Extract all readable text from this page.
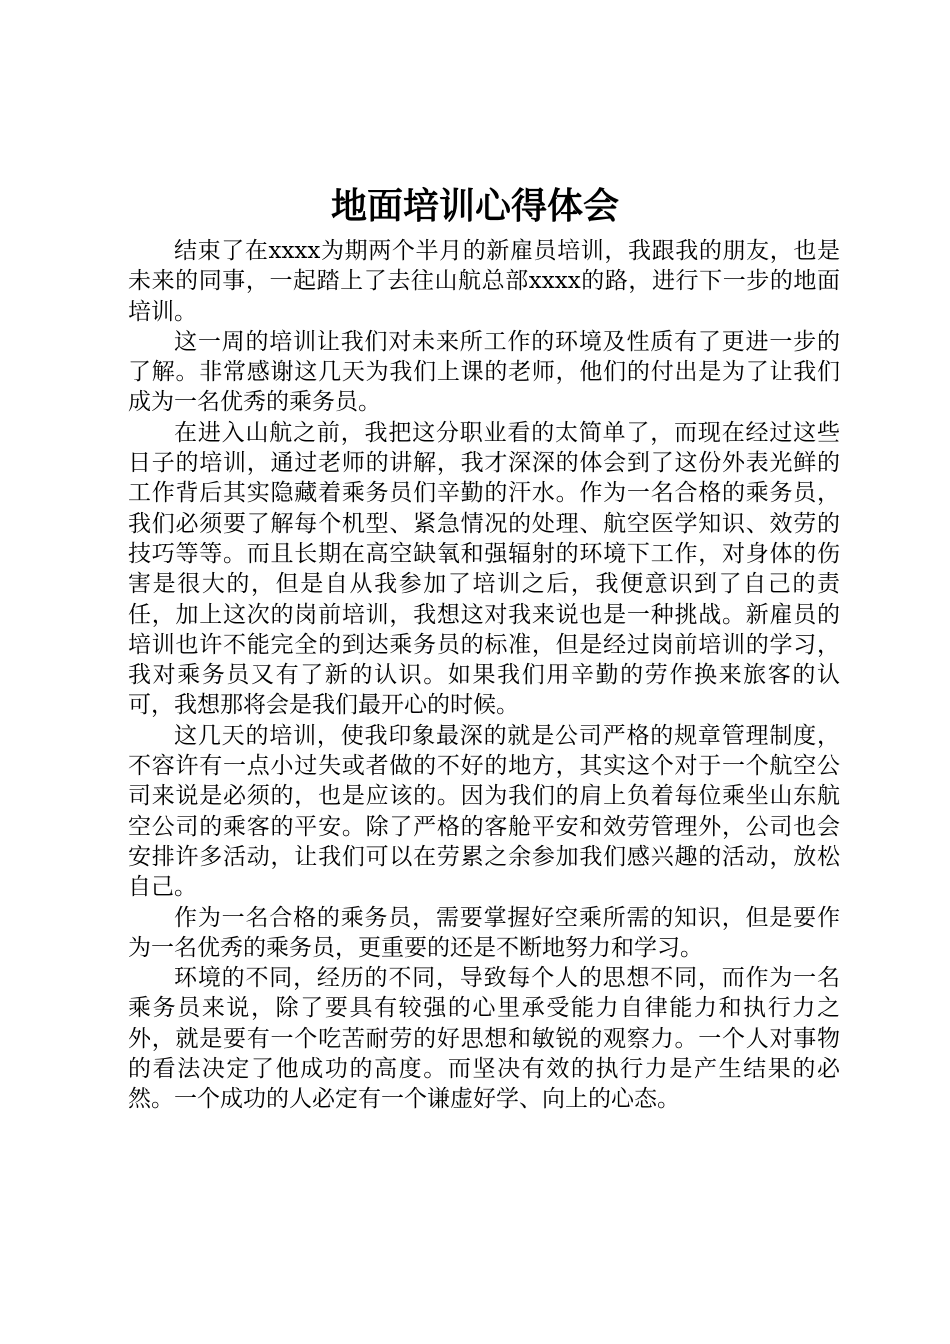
地面培训心得体会

结束了在xxxx为期两个半月的新雇员培训，我跟我的朋友，也是未来的同事，一起踏上了去往山航总部xxxx的路，进行下一步的地面培训。

这一周的培训让我们对未来所工作的环境及性质有了更进一步的了解。非常感谢这几天为我们上课的老师，他们的付出是为了让我们成为一名优秀的乘务员。

在进入山航之前，我把这分职业看的太简单了，而现在经过这些日子的培训，通过老师的讲解，我才深深的体会到了这份外表光鲜的工作背后其实隐藏着乘务员们辛勤的汗水。作为一名合格的乘务员，我们必须要了解每个机型、紧急情况的处理、航空医学知识、效劳的技巧等等。而且长期在高空缺氧和强辐射的环境下工作，对身体的伤害是很大的，但是自从我参加了培训之后，我便意识到了自己的责任，加上这次的岗前培训，我想这对我来说也是一种挑战。新雇员的培训也许不能完全的到达乘务员的标准，但是经过岗前培训的学习，我对乘务员又有了新的认识。如果我们用辛勤的劳作换来旅客的认可，我想那将会是我们最开心的时候。

这几天的培训，使我印象最深的就是公司严格的规章管理制度，不容许有一点小过失或者做的不好的地方，其实这个对于一个航空公司来说是必须的，也是应该的。因为我们的肩上负着每位乘坐山东航空公司的乘客的平安。除了严格的客舱平安和效劳管理外，公司也会安排许多活动，让我们可以在劳累之余参加我们感兴趣的活动，放松自己。

作为一名合格的乘务员，需要掌握好空乘所需的知识，但是要作为一名优秀的乘务员，更重要的还是不断地努力和学习。

环境的不同，经历的不同，导致每个人的思想不同，而作为一名乘务员来说，除了要具有较强的心里承受能力自律能力和执行力之外，就是要有一个吃苦耐劳的好思想和敏锐的观察力。一个人对事物的看法决定了他成功的高度。而坚决有效的执行力是产生结果的必然。一个成功的人必定有一个谦虚好学、向上的心态。
